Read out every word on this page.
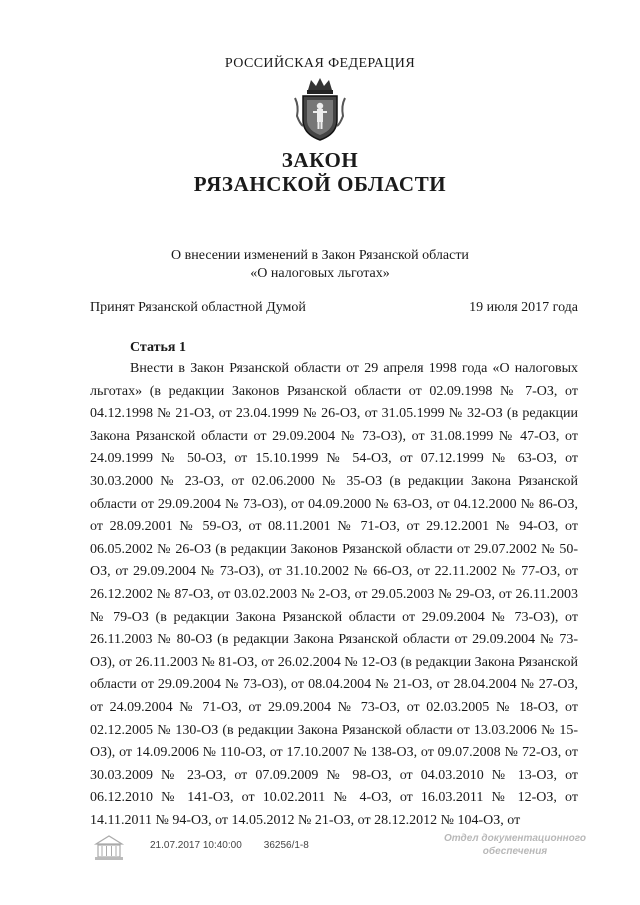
РОССИЙСКАЯ ФЕДЕРАЦИЯ
ЗАКОН
РЯЗАНСКОЙ ОБЛАСТИ
О внесении изменений в Закон Рязанской области
«О налоговых льготах»
Принят Рязанской областной Думой	19 июля 2017 года
Статья 1
Внести в Закон Рязанской области от 29 апреля 1998 года «О налоговых льготах» (в редакции Законов Рязанской области от 02.09.1998 № 7-ОЗ, от 04.12.1998 № 21-ОЗ, от 23.04.1999 № 26-ОЗ, от 31.05.1999 № 32-ОЗ (в редакции Закона Рязанской области от 29.09.2004 № 73-ОЗ), от 31.08.1999 № 47-ОЗ, от 24.09.1999 № 50-ОЗ, от 15.10.1999 № 54-ОЗ, от 07.12.1999 № 63-ОЗ, от 30.03.2000 № 23-ОЗ, от 02.06.2000 № 35-ОЗ (в редакции Закона Рязанской области от 29.09.2004 № 73-ОЗ), от 04.09.2000 № 63-ОЗ, от 04.12.2000 № 86-ОЗ, от 28.09.2001 № 59-ОЗ, от 08.11.2001 № 71-ОЗ, от 29.12.2001 № 94-ОЗ, от 06.05.2002 № 26-ОЗ (в редакции Законов Рязанской области от 29.07.2002 № 50-ОЗ, от 29.09.2004 № 73-ОЗ), от 31.10.2002 № 66-ОЗ, от 22.11.2002 № 77-ОЗ, от 26.12.2002 № 87-ОЗ, от 03.02.2003 № 2-ОЗ, от 29.05.2003 № 29-ОЗ, от 26.11.2003 № 79-ОЗ (в редакции Закона Рязанской области от 29.09.2004 № 73-ОЗ), от 26.11.2003 № 80-ОЗ (в редакции Закона Рязанской области от 29.09.2004 № 73-ОЗ), от 26.11.2003 № 81-ОЗ, от 26.02.2004 № 12-ОЗ (в редакции Закона Рязанской области от 29.09.2004 № 73-ОЗ), от 08.04.2004 № 21-ОЗ, от 28.04.2004 № 27-ОЗ, от 24.09.2004 № 71-ОЗ, от 29.09.2004 № 73-ОЗ, от 02.03.2005 № 18-ОЗ, от 02.12.2005 № 130-ОЗ (в редакции Закона Рязанской области от 13.03.2006 № 15-ОЗ), от 14.09.2006 № 110-ОЗ, от 17.10.2007 № 138-ОЗ, от 09.07.2008 № 72-ОЗ, от 30.03.2009 № 23-ОЗ, от 07.09.2009 № 98-ОЗ, от 04.03.2010 № 13-ОЗ, от 06.12.2010 № 141-ОЗ, от 10.02.2011 № 4-ОЗ, от 16.03.2011 № 12-ОЗ, от 14.11.2011 № 94-ОЗ, от 14.05.2012 № 21-ОЗ, от 28.12.2012 № 104-ОЗ, от
21.07.2017 10:40:00 36256/1-8
Отдел документационного
обеспечения
